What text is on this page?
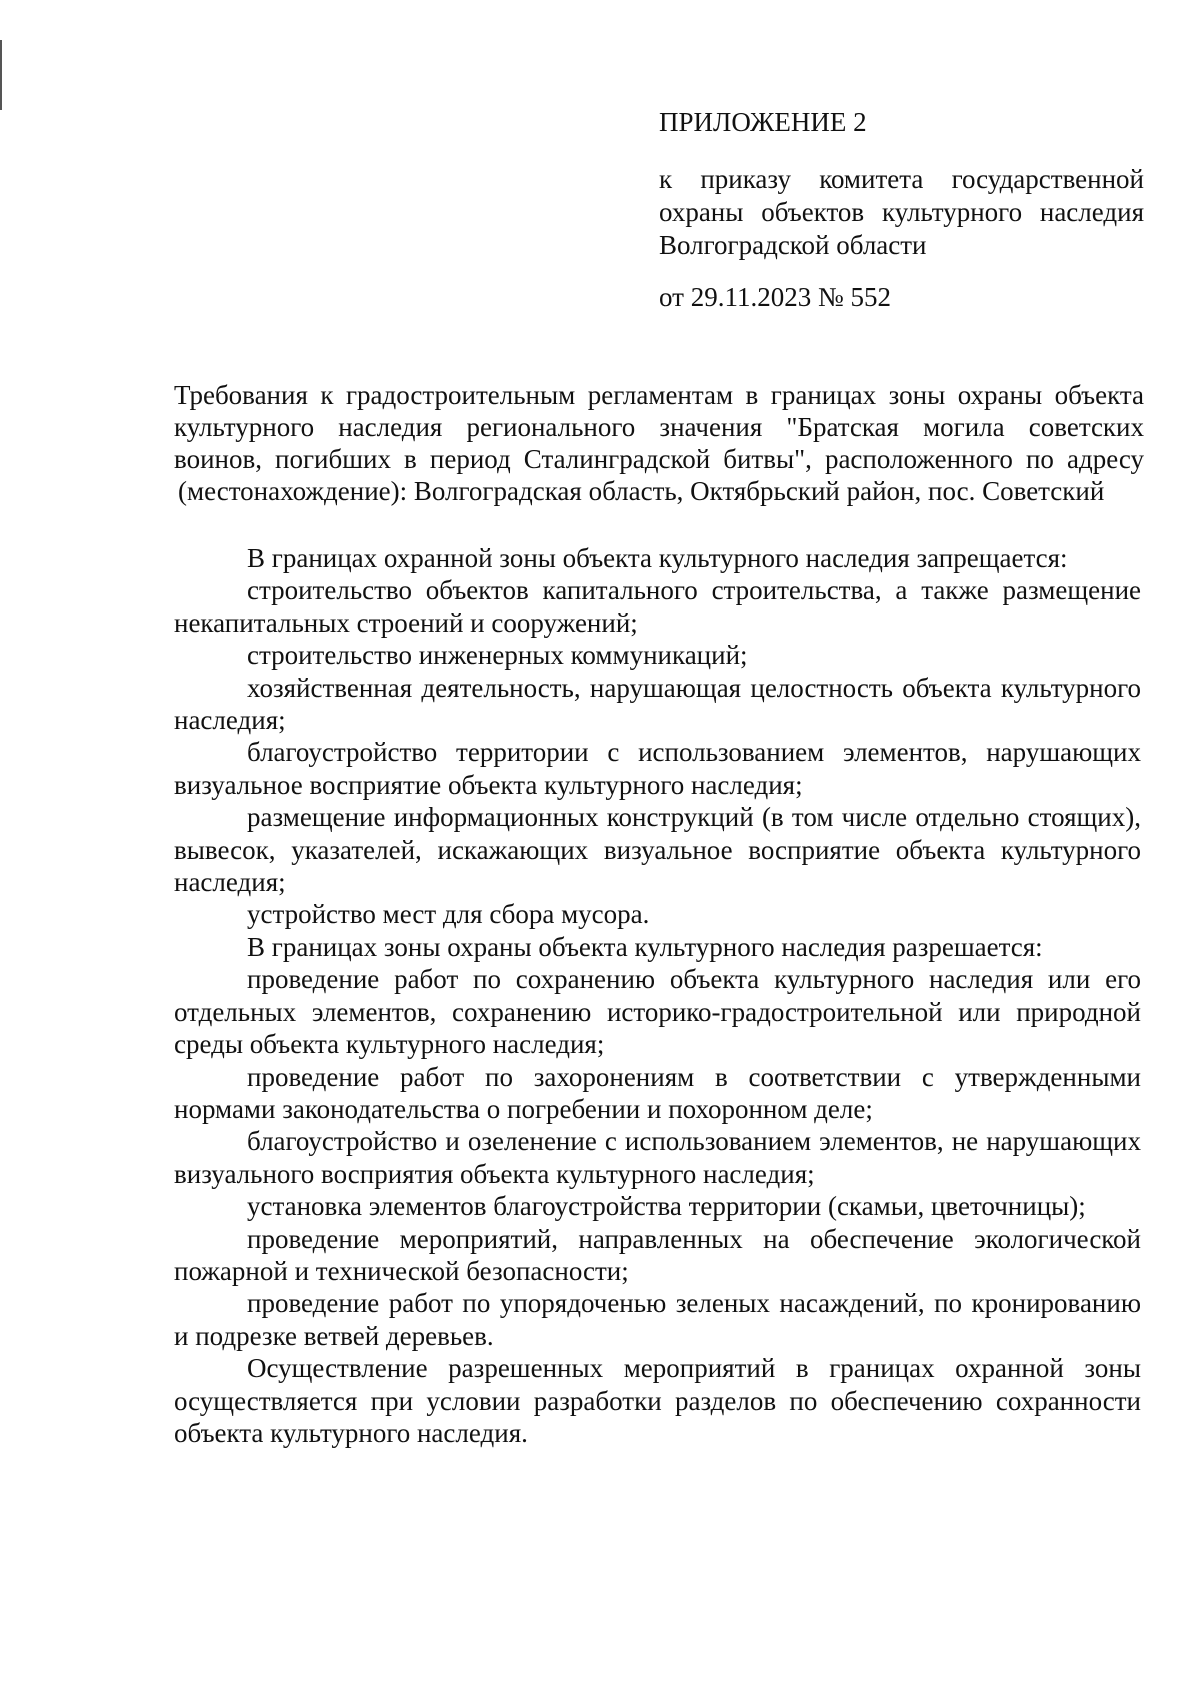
ПРИЛОЖЕНИЕ 2

к приказу комитета государственной
охраны объектов культурного наследия
Волгоградской области

от 29.11.2023 № 552

Требования к градостроительным регламентам в границах зоны охраны объекта
культурного наследия регионального значения "Братская могила советских
воинов, погибших в период Сталинградской битвы", расположенного по адресу
(местонахождение): Волгоградская область, Октябрьский район, пос. Советский

В границах охранной зоны объекта культурного наследия запрещается:

строительство объектов капитального строительства, а также размещение некапитальных строений и сооружений;

строительство инженерных коммуникаций;

хозяйственная деятельность, нарушающая целостность объекта культурного наследия;

благоустройство территории с использованием элементов, нарушающих визуальное восприятие объекта культурного наследия;

размещение информационных конструкций (в том числе отдельно стоящих), вывесок, указателей, искажающих визуальное восприятие объекта культурного наследия;

устройство мест для сбора мусора.

В границах зоны охраны объекта культурного наследия разрешается:

проведение работ по сохранению объекта культурного наследия или его отдельных элементов, сохранению историко-градостроительной или природной среды объекта культурного наследия;

проведение работ по захоронениям в соответствии с утвержденными нормами законодательства о погребении и похоронном деле;

благоустройство и озеленение с использованием элементов, не нарушающих визуального восприятия объекта культурного наследия;

установка элементов благоустройства территории (скамьи, цветочницы);

проведение мероприятий, направленных на обеспечение экологической пожарной и технической безопасности;

проведение работ по упорядоченью зеленых насаждений, по кронированию и подрезке ветвей деревьев.

Осуществление разрешенных мероприятий в границах охранной зоны осуществляется при условии разработки разделов по обеспечению сохранности объекта культурного наследия.
